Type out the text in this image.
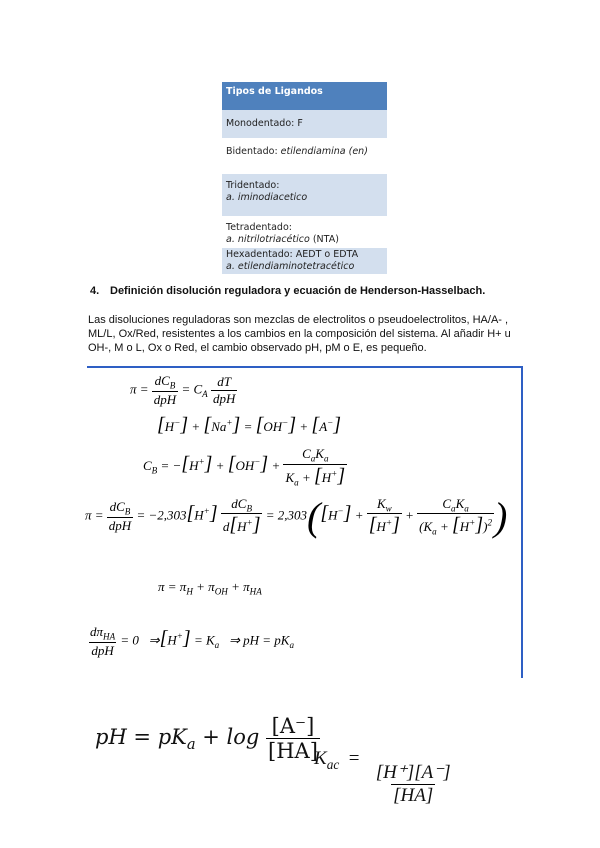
Tipos de Ligandos
Monodentado: F
Bidentado: etilendiamina (en)
Tridentado:
a. iminodiacetico
Tetradentado:
a. nitrilotriacético (NTA)
Hexadentado: AEDT o EDTA
a. etilendiaminotetracético
4. Definición disolución reguladora y ecuación de Henderson-Hasselbach.
Las disoluciones reguladoras son mezclas de electrolitos o pseudoelectrolitos, HA/A- , ML/L, Ox/Red, resistentes a los cambios en la composición del sistema. Al añadir H+ u OH-, M o L, Ox o Red, el cambio observado pH, pM o E, es pequeño.
$\pi = \frac{dC_B}{\text{dpH}} = C_A \frac{dT}{\text{dpH}}$
[H−] + [Na+] = [OH−] + [A−]
$C_B = -[H^+] + [OH^-] + \frac{C_aK_a}{K_a + [H^+]}$
$\pi = \frac{dC_B}{\text{dpH}} = -2,303[H^+] \frac{dC_B}{d[H^+]} = 2,303([H^-] + \frac{K_w}{[H^+]} + \frac{C_aK_a}{(K_a + [H^+])^2}$ )
$\pi = \pi_H + \pi_{OH} + \pi_{HA}$
$\frac{d\pi_{HA}}{\text{dpH}} = 0$ ⇒[H+] = $K_a$ ⇒ pH = $pK_a$
pH = $pK_a + \log \frac{[A^-]}{[HA]}$
$K_{ac}$  =
$\frac{[H^+][A^-]}{[HA]}$
